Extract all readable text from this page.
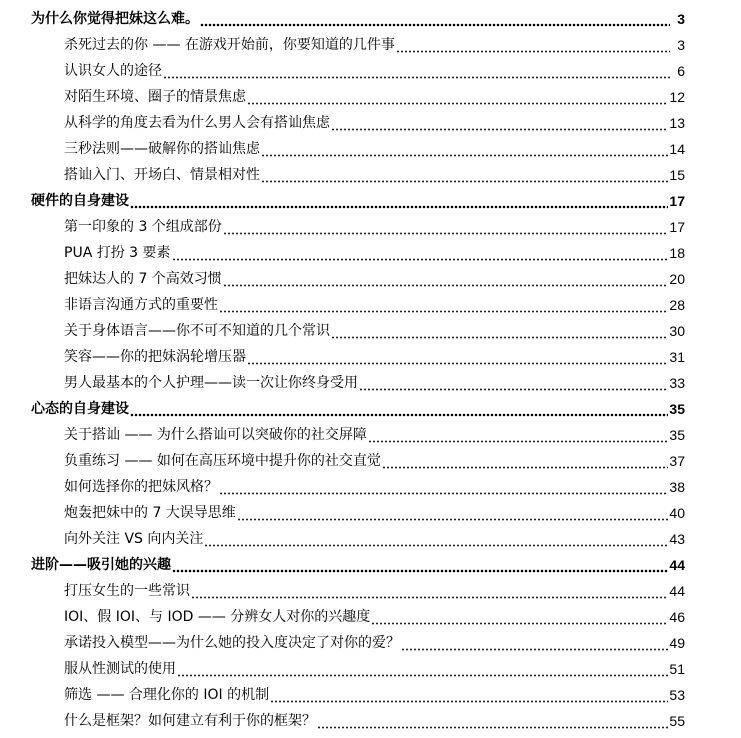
为什么你觉得把妹这么难。	3
杀死过去的你 —— 在游戏开始前，你要知道的几件事	3
认识女人的途径	6
对陌生环境、圈子的情景焦虑	12
从科学的角度去看为什么男人会有搭讪焦虑	13
三秒法则——破解你的搭讪焦虑	14
搭讪入门、开场白、情景相对性	15
硬件的自身建设	17
第一印象的 3 个组成部份	17
PUA 打扮 3 要素	18
把妹达人的 7 个高效习惯	20
非语言沟通方式的重要性	28
关于身体语言——你不可不知道的几个常识	30
笑容——你的把妹涡轮增压器	31
男人最基本的个人护理——读一次让你终身受用	33
心态的自身建设	35
关于搭讪 —— 为什么搭讪可以突破你的社交屏障	35
负重练习 —— 如何在高压环境中提升你的社交直觉	37
如何选择你的把妹风格？	38
炮轰把妹中的 7 大误导思维	40
向外关注 VS 向内关注	43
进阶——吸引她的兴趣	44
打压女生的一些常识	44
IOI、假 IOI、与 IOD —— 分辨女人对你的兴趣度	46
承诺投入模型——为什么她的投入度决定了对你的爱？	49
服从性测试的使用	51
筛选 —— 合理化你的 IOI 的机制	53
什么是框架？如何建立有利于你的框架？	55
